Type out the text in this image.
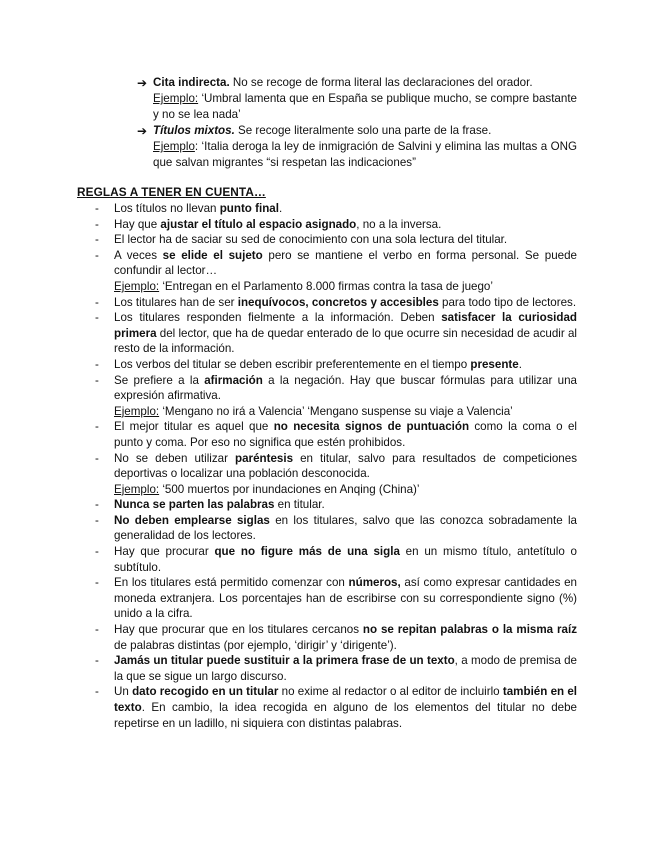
➔ Cita indirecta. No se recoge de forma literal las declaraciones del orador.
Ejemplo: ‘Umbral lamenta que en España se publique mucho, se compre bastante y no se lea nada’
➔ Títulos mixtos. Se recoge literalmente solo una parte de la frase.
Ejemplo: ‘Italia deroga la ley de inmigración de Salvini y elimina las multas a ONG que salvan migrantes “si respetan las indicaciones”
REGLAS A TENER EN CUENTA…
- Los títulos no llevan punto final.
- Hay que ajustar el título al espacio asignado, no a la inversa.
- El lector ha de saciar su sed de conocimiento con una sola lectura del titular.
- A veces se elide el sujeto pero se mantiene el verbo en forma personal. Se puede confundir al lector…
Ejemplo: ‘Entregan en el Parlamento 8.000 firmas contra la tasa de juego’
- Los titulares han de ser inequívocos, concretos y accesibles para todo tipo de lectores.
- Los titulares responden fielmente a la información. Deben satisfacer la curiosidad primera del lector, que ha de quedar enterado de lo que ocurre sin necesidad de acudir al resto de la información.
- Los verbos del titular se deben escribir preferentemente en el tiempo presente.
- Se prefiere a la afirmación a la negación. Hay que buscar fórmulas para utilizar una expresión afirmativa.
Ejemplo: ‘Mengano no irá a Valencia’ ‘Mengano suspense su viaje a Valencia’
- El mejor titular es aquel que no necesita signos de puntuación como la coma o el punto y coma. Por eso no significa que estén prohibidos.
- No se deben utilizar paréntesis en titular, salvo para resultados de competiciones deportivas o localizar una población desconocida.
Ejemplo: ‘500 muertos por inundaciones en Anqing (China)’
- Nunca se parten las palabras en titular.
- No deben emplearse siglas en los titulares, salvo que las conozca sobradamente la generalidad de los lectores.
- Hay que procurar que no figure más de una sigla en un mismo título, antetítulo o subtítulo.
- En los titulares está permitido comenzar con números, así como expresar cantidades en moneda extranjera. Los porcentajes han de escribirse con su correspondiente signo (%) unido a la cifra.
- Hay que procurar que en los titulares cercanos no se repitan palabras o la misma raíz de palabras distintas (por ejemplo, ‘dirigir’ y ‘dirigente’).
- Jamás un titular puede sustituir a la primera frase de un texto, a modo de premisa de la que se sigue un largo discurso.
- Un dato recogido en un titular no exime al redactor o al editor de incluirlo también en el texto. En cambio, la idea recogida en alguno de los elementos del titular no debe repetirse en un ladillo, ni siquiera con distintas palabras.
